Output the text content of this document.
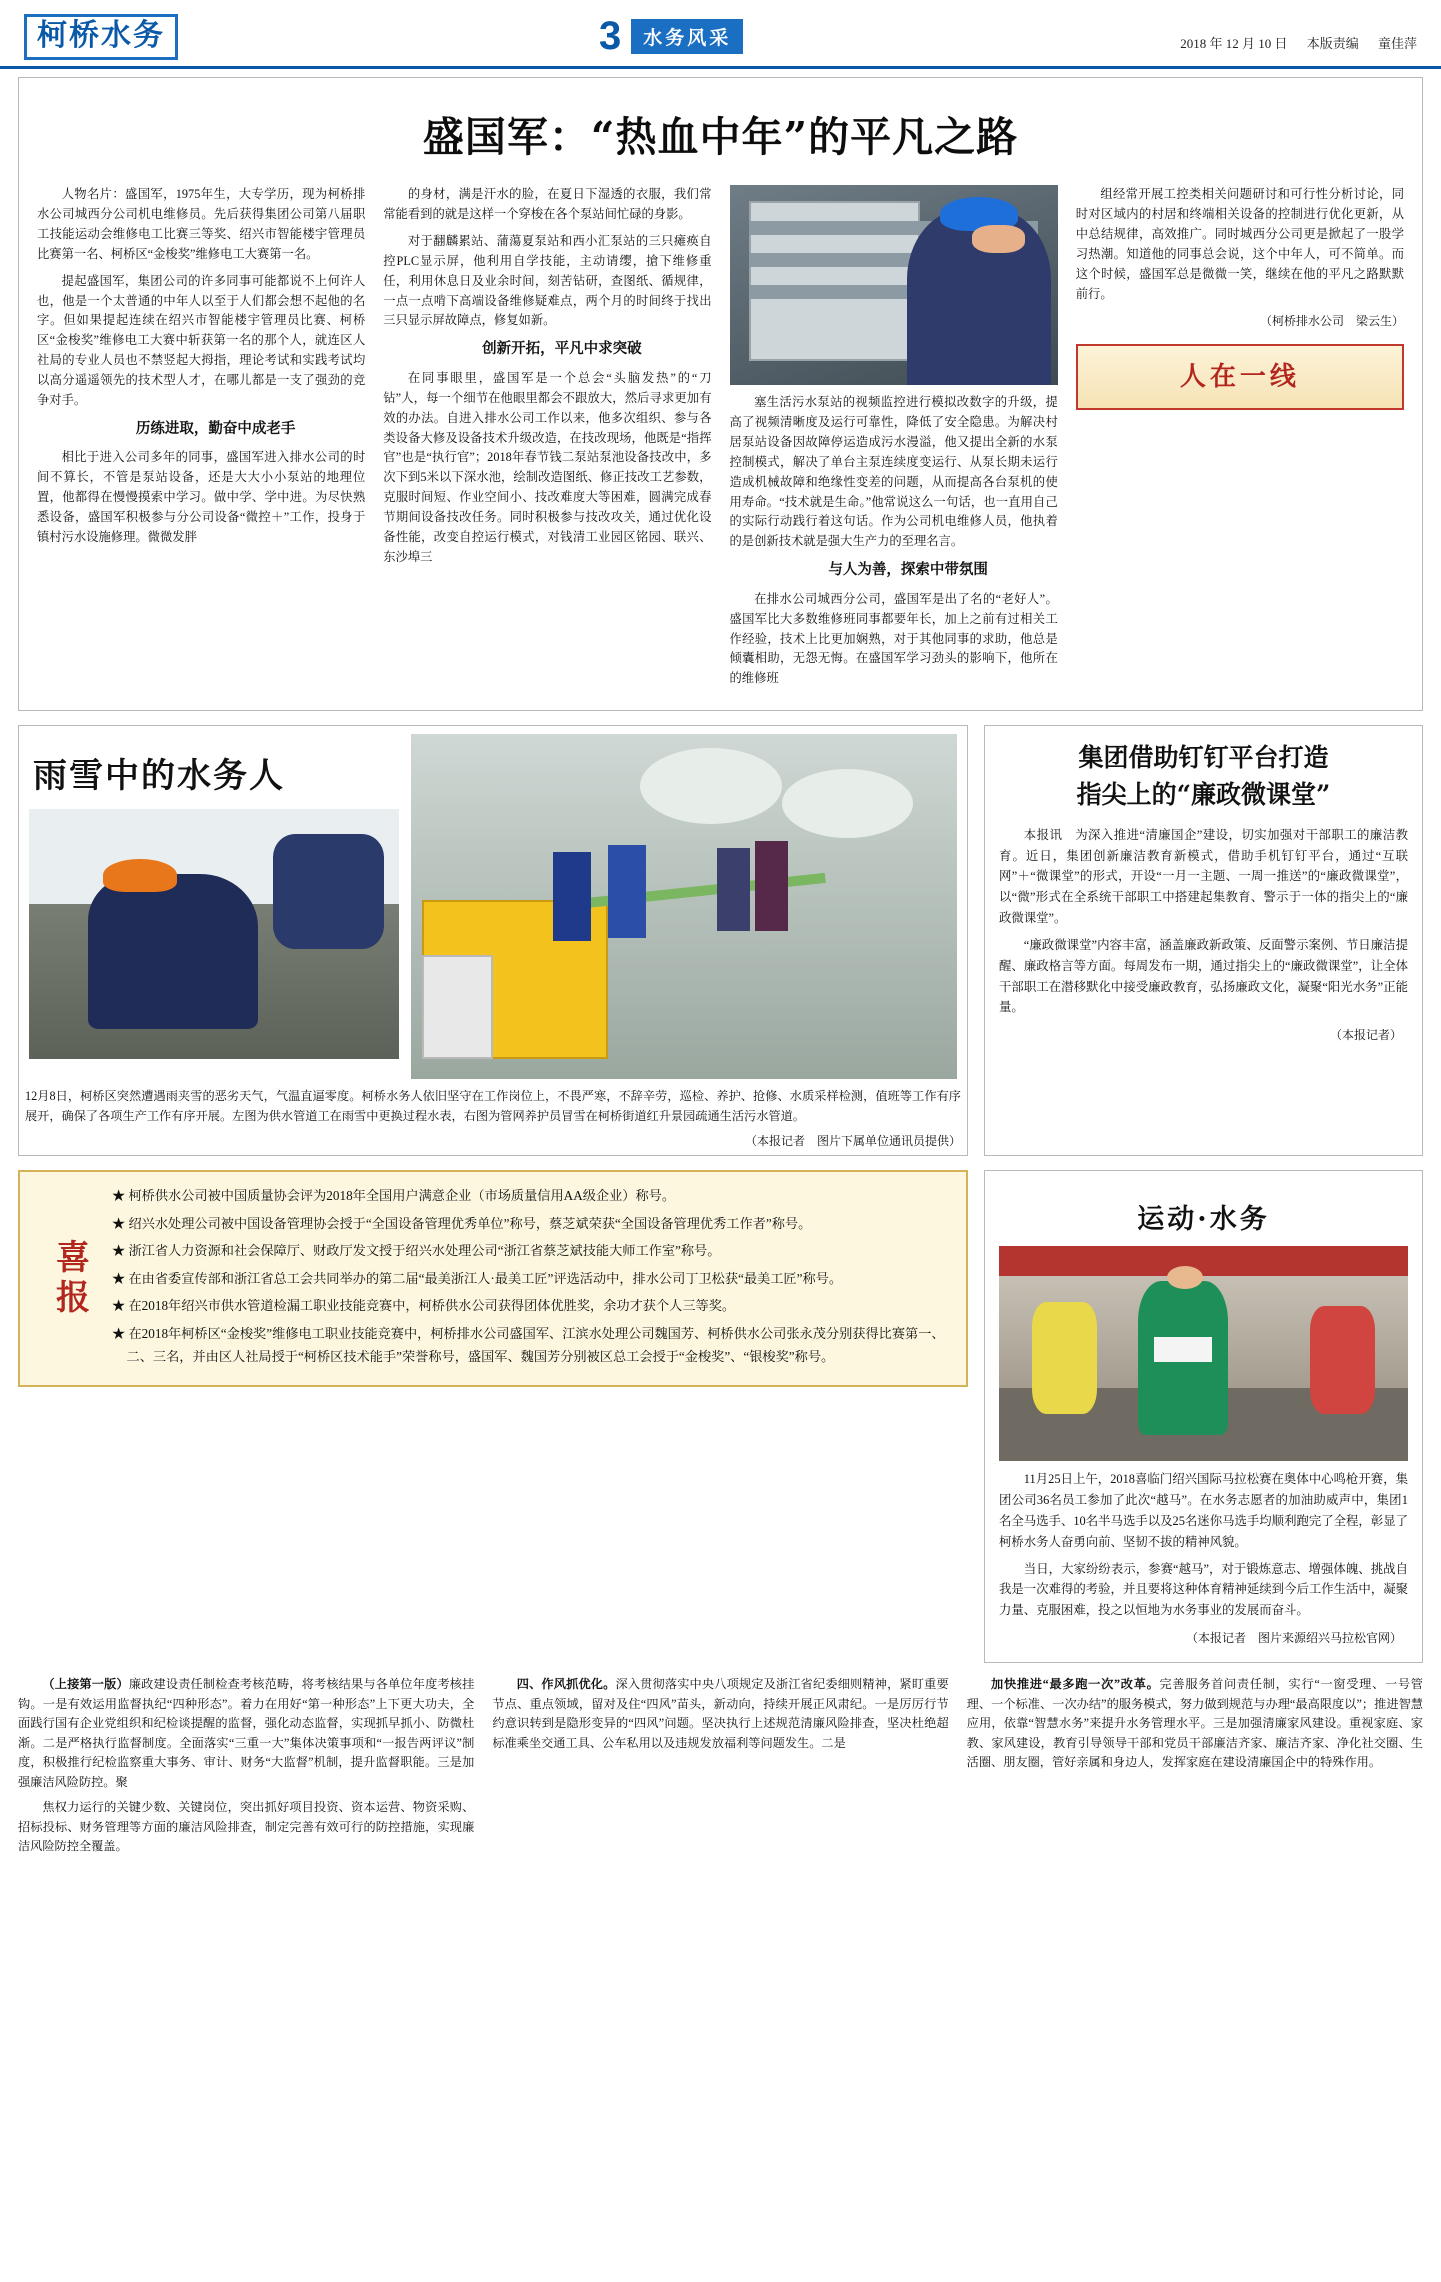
柯桥水务	3	水务风采	2018 年 12 月 10 日 本版责编 童佳萍
盛国军：“热血中年”的平凡之路

人物名片：盛国军，1975年生，大专学历，现为柯桥排水公司城西分公司机电维修员。先后获得集团公司第八届职工技能运动会维修电工比赛三等奖、绍兴市智能楼宇管理员比赛第一名、柯桥区“金梭奖”维修电工大赛第一名。

提起盛国军，集团公司的许多同事可能都说不上何许人也，他是一个太普通的中年人以至于人们都会想不起他的名字。但如果提起连续在绍兴市智能楼宇管理员比赛、柯桥区“金梭奖”维修电工大赛中斩获第一名的那个人，就连区人社局的专业人员也不禁竖起大拇指，理论考试和实践考试均以高分遥遥领先的技术型人才，在哪儿都是一支了强劲的竞争对手。

历练进取，勤奋中成老手

相比于进入公司多年的同事，盛国军进入排水公司的时间不算长，不管是泵站设备，还是大大小小泵站的地理位置，他都得在慢慢摸索中学习。做中学、学中进。为尽快熟悉设备，盛国军积极参与分公司设备“微控＋”工作，投身于镇村污水设施修理。微微发胖

的身材，满是汗水的脸，在夏日下湿透的衣服，我们常常能看到的就是这样一个穿梭在各个泵站间忙碌的身影。

对于翻麟累站、蒲蕩夏泵站和西小汇泵站的三只瘫痪自控PLC显示屏，他利用自学技能，主动请缨，搶下维修重任，利用休息日及业余时间，刻苦钻研，查图纸、循规律，一点一点啃下高端设备维修疑难点，两个月的时间终于找出三只显示屏故障点，修复如新。

创新开拓，平凡中求突破

在同事眼里，盛国军是一个总会“头脑发热”的“刀钻”人，每一个细节在他眼里都会不跟放大，然后寻求更加有效的办法。自进入排水公司工作以来，他多次组织、参与各类设备大修及设备技术升级改造，在技改现场，他既是“指挥官”也是“执行官”；2018年春节钱二泵站泵池设备技改中，多次下到5米以下深水池，绘制改造图纸、修正技改工艺参数，克服时间短、作业空间小、技改难度大等困难，圆满完成春节期间设备技改任务。同时积极参与技改攻关，通过优化设备性能，改变自控运行模式，对钱清工业园区铭园、联兴、东沙埠三

塞生活污水泵站的视频监控进行模拟改数字的升级，提高了视频清晰度及运行可靠性，降低了安全隐患。为解决村居泵站设备因故障停运造成污水漫溢，他又提出全新的水泵控制模式，解决了单台主泵连续度变运行、从泵长期未运行造成机械故障和绝缘性变差的问题，从而提高各台泵机的使用寿命。“技术就是生命。”他常说这么一句话，也一直用自己的实际行动践行着这句话。作为公司机电维修人员，他执着的是创新技术就是强大生产力的至理名言。

与人为善，探索中带氛围

在排水公司城西分公司，盛国军是出了名的“老好人”。盛国军比大多数维修班同事都要年长，加上之前有过相关工作经验，技术上比更加娴熟，对于其他同事的求助，他总是倾囊相助，无怨无悔。在盛国军学习劲头的影响下，他所在的维修班

组经常开展工控类相关问题研讨和可行性分析讨论，同时对区域内的村居和终端相关设备的控制进行优化更新，从中总结规律，高效推广。同时城西分公司更是掀起了一股学习热潮。知道他的同事总会说，这个中年人，可不简单。而这个时候，盛国军总是微微一笑，继续在他的平凡之路默默前行。

（柯桥排水公司　梁云生）
人在一线
雨雪中的水务人
12月8日，柯桥区突然遭遇雨夹雪的恶劣天气，气温直逼零度。柯桥水务人依旧坚守在工作岗位上，不畏严寒，不辞辛劳，巡检、养护、抢修、水质采样检测，值班等工作有序展开，确保了各项生产工作有序开展。左图为供水管道工在雨雪中更换过程水表，右图为管网养护员冒雪在柯桥街道红升景园疏通生活污水管道。
（本报记者　图片下属单位通讯员提供）
集团借助钉钉平台打造
指尖上的“廉政微课堂”

本报讯　为深入推进“清廉国企”建设，切实加强对干部职工的廉洁教育。近日，集团创新廉洁教育新模式，借助手机钉钉平台，通过“互联网”＋“微课堂”的形式，开设“一月一主题、一周一推送”的“廉政微课堂”，以“微”形式在全系统干部职工中搭建起集教育、警示于一体的指尖上的“廉政微课堂”。

“廉政微课堂”内容丰富，涵盖廉政新政策、反面警示案例、节日廉洁提醒、廉政格言等方面。每周发布一期，通过指尖上的“廉政微课堂”，让全体干部职工在潜移默化中接受廉政教育，弘扬廉政文化，凝聚“阳光水务”正能量。

（本报记者）
喜
报
★ 柯桥供水公司被中国质量协会评为2018年全国用户满意企业（市场质量信用AA级企业）称号。
★ 绍兴水处理公司被中国设备管理协会授于“全国设备管理优秀单位”称号，蔡芝斌荣获“全国设备管理优秀工作者”称号。
★ 浙江省人力资源和社会保障厅、财政厅发文授于绍兴水处理公司“浙江省蔡芝斌技能大师工作室”称号。
★ 在由省委宣传部和浙江省总工会共同举办的第二届“最美浙江人·最美工匠”评选活动中，排水公司丁卫松获“最美工匠”称号。
★ 在2018年绍兴市供水管道检漏工职业技能竞赛中，柯桥供水公司获得团体优胜奖，余功才获个人三等奖。
★ 在2018年柯桥区“金梭奖”维修电工职业技能竞赛中，柯桥排水公司盛国军、江滨水处理公司魏国芳、柯桥供水公司张永茂分别获得比赛第一、二、三名，并由区人社局授于“柯桥区技术能手”荣誉称号，盛国军、魏国芳分别被区总工会授于“金梭奖”、“银梭奖”称号。
运动·水务

11月25日上午，2018喜临门绍兴国际马拉松赛在奥体中心鸣枪开赛，集团公司36名员工参加了此次“越马”。在水务志愿者的加油助威声中，集团1名全马选手、10名半马选手以及25名迷你马选手均顺利跑完了全程，彰显了柯桥水务人奋勇向前、坚韧不拔的精神风貌。

当日，大家纷纷表示，参赛“越马”，对于锻炼意志、增强体魄、挑战自我是一次难得的考验，并且要将这种体育精神延续到今后工作生活中，凝聚力量、克服困难，投之以恒地为水务事业的发展而奋斗。

（本报记者　图片来源绍兴马拉松官网）

（上接第一版）廉政建设责任制检查考核范畴，将考核结果与各单位年度考核挂钩。一是有效运用监督执纪“四种形态”。着力在用好“第一种形态”上下更大功夫，全面践行国有企业党组织和纪检谈提醒的监督，强化动态监督，实现抓早抓小、防微杜渐。二是严格执行监督制度。全面落实“三重一大”集体决策事项和“一报告两评议”制度，积极推行纪检监察重大事务、审计、财务“大监督”机制，提升监督职能。三是加强廉洁风险防控。聚

焦权力运行的关键少数、关键岗位，突出抓好项目投资、资本运营、物资采购、招标投标、财务管理等方面的廉洁风险排查，制定完善有效可行的防控措施，实现廉洁风险防控全覆盖。

四、作风抓优化。深入贯彻落实中央八项规定及浙江省纪委细则精神，紧盯重要节点、重点领域，留对及住“四风”苗头，新动向，持续开展正风肃纪。一是厉厉行节约意识转到是隐形变异的“四风”问题。坚决执行上述规范清廉风险排查，坚决杜绝超标准乘坐交通工具、公车私用以及违规发放福利等问题发生。二是

加快推进“最多跑一次”改革。完善服务首问责任制，实行“一窗受理、一号管理、一个标准、一次办结”的服务模式，努力做到规范与办理“最高限度以”；推进智慧应用，依靠“智慧水务”来提升水务管理水平。三是加强清廉家风建设。重视家庭、家教、家风建设，教育引导领导干部和党员干部廉洁齐家、廉洁齐家、净化社交圈、生活圈、朋友圈，管好亲属和身边人，发挥家庭在建设清廉国企中的特殊作用。
